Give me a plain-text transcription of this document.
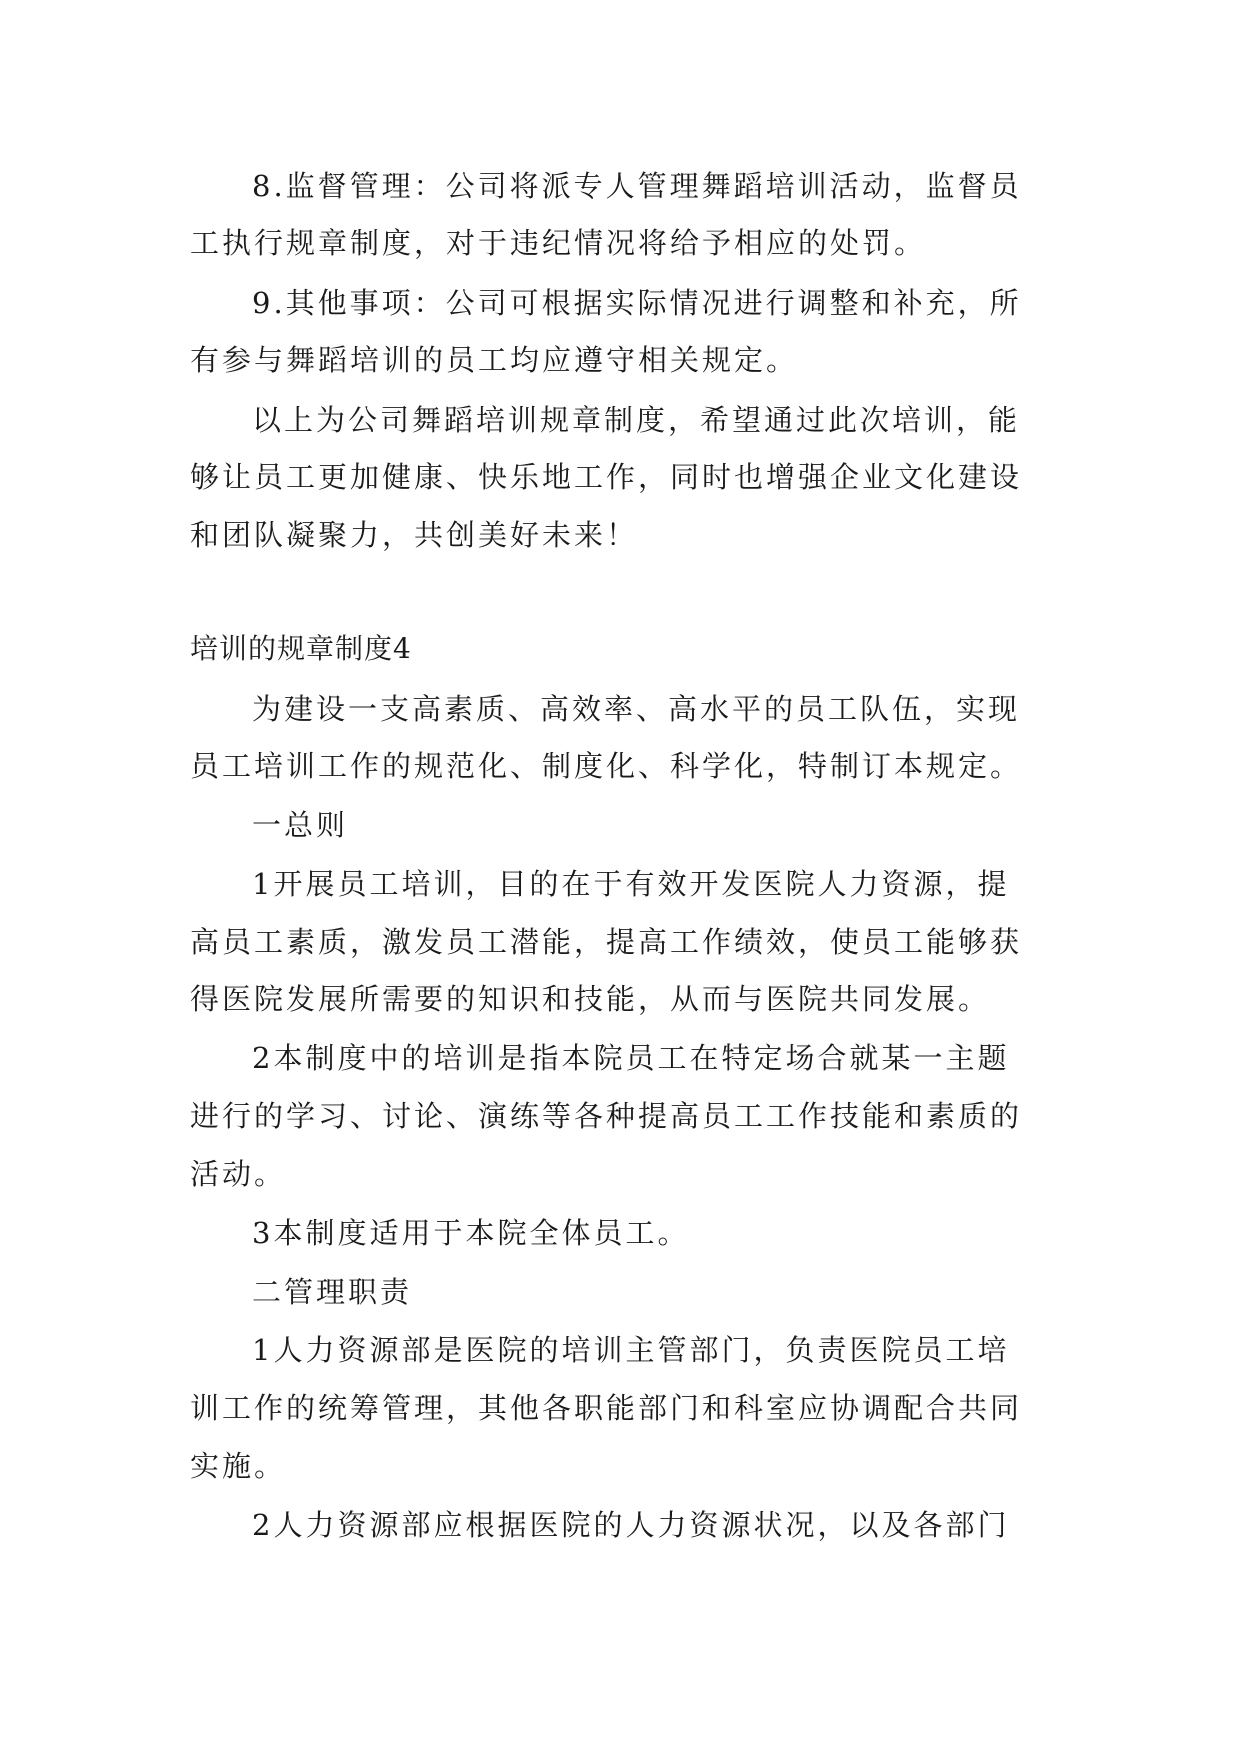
8.监督管理：公司将派专人管理舞蹈培训活动，监督员
工执行规章制度，对于违纪情况将给予相应的处罚。
9.其他事项：公司可根据实际情况进行调整和补充，所
有参与舞蹈培训的员工均应遵守相关规定。
以上为公司舞蹈培训规章制度，希望通过此次培训，能
够让员工更加健康、快乐地工作，同时也增强企业文化建设
和团队凝聚力，共创美好未来！
培训的规章制度4
为建设一支高素质、高效率、高水平的员工队伍，实现
员工培训工作的规范化、制度化、科学化，特制订本规定。
一总则
1开展员工培训，目的在于有效开发医院人力资源，提
高员工素质，激发员工潜能，提高工作绩效，使员工能够获
得医院发展所需要的知识和技能，从而与医院共同发展。
2本制度中的培训是指本院员工在特定场合就某一主题
进行的学习、讨论、演练等各种提高员工工作技能和素质的
活动。
3本制度适用于本院全体员工。
二管理职责
1人力资源部是医院的培训主管部门，负责医院员工培
训工作的统筹管理，其他各职能部门和科室应协调配合共同
实施。
2人力资源部应根据医院的人力资源状况，以及各部门
